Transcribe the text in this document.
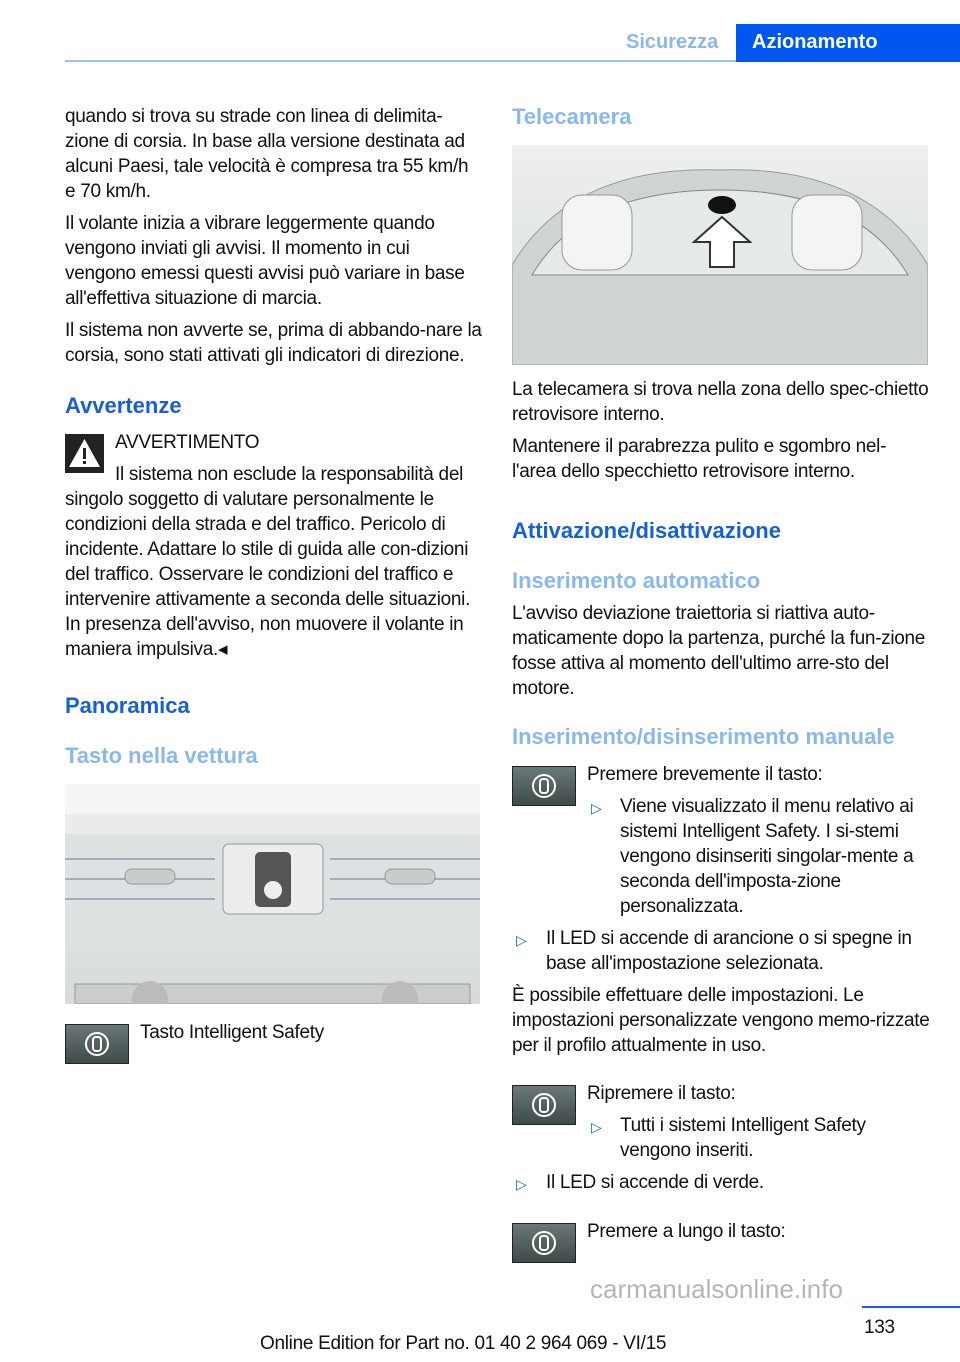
Sicurezza	Azionamento
quando si trova su strade con linea di delimita-zione di corsia. In base alla versione destinata ad alcuni Paesi, tale velocità è compresa tra 55 km/h e 70 km/h.
Il volante inizia a vibrare leggermente quando vengono inviati gli avvisi. Il momento in cui vengono emessi questi avvisi può variare in base all'effettiva situazione di marcia.
Il sistema non avverte se, prima di abbando-nare la corsia, sono stati attivati gli indicatori di direzione.
Avvertenze
AVVERTIMENTO
Il sistema non esclude la responsabilità del singolo soggetto di valutare personalmente le condizioni della strada e del traffico. Pericolo di incidente. Adattare lo stile di guida alle con-dizioni del traffico. Osservare le condizioni del traffico e intervenire attivamente a seconda delle situazioni. In presenza dell'avviso, non muovere il volante in maniera impulsiva.◂
Panoramica
Tasto nella vettura
Tasto Intelligent Safety
Telecamera
La telecamera si trova nella zona dello spec-chietto retrovisore interno.
Mantenere il parabrezza pulito e sgombro nel-l'area dello specchietto retrovisore interno.
Attivazione/disattivazione
Inserimento automatico
L'avviso deviazione traiettoria si riattiva auto-maticamente dopo la partenza, purché la fun-zione fosse attiva al momento dell'ultimo arre-sto del motore.
Inserimento/disinserimento manuale
Premere brevemente il tasto:
▷ Viene visualizzato il menu relativo ai sistemi Intelligent Safety. I si-stemi vengono disinseriti singolar-mente a seconda dell'imposta-zione personalizzata.
▷ Il LED si accende di arancione o si spegne in base all'impostazione selezionata.
È possibile effettuare delle impostazioni. Le impostazioni personalizzate vengono memo-rizzate per il profilo attualmente in uso.
Ripremere il tasto:
▷ Tutti i sistemi Intelligent Safety vengono inseriti.
▷ Il LED si accende di verde.
Premere a lungo il tasto:
133
Online Edition for Part no. 01 40 2 964 069 - VI/15
carmanualsonline.info
